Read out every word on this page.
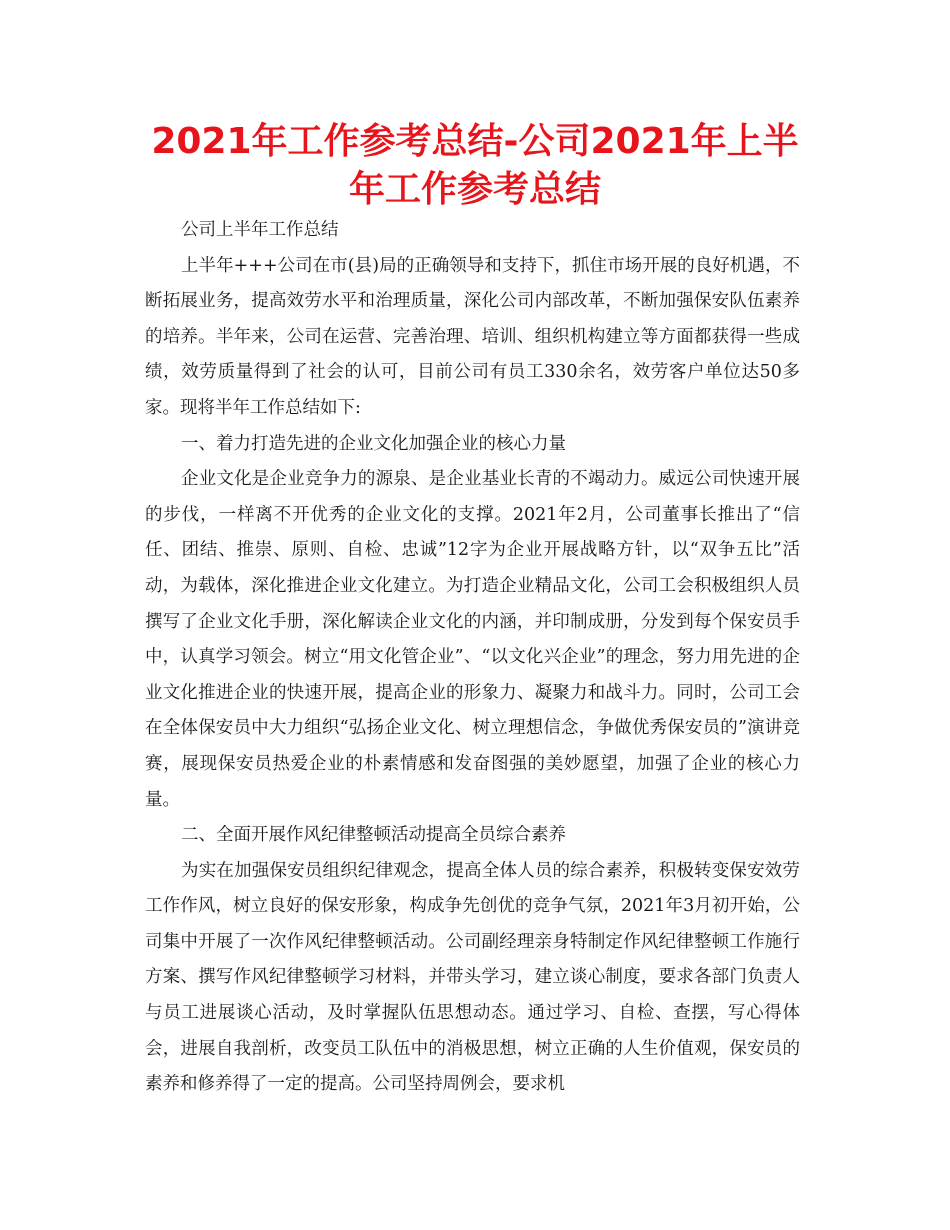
2021年工作参考总结-公司2021年上半年工作参考总结

公司上半年工作总结

上半年+++公司在市(县)局的正确领导和支持下，抓住市场开展的良好机遇，不断拓展业务，提高效劳水平和治理质量，深化公司内部改革，不断加强保安队伍素养的培养。半年来，公司在运营、完善治理、培训、组织机构建立等方面都获得一些成绩，效劳质量得到了社会的认可，目前公司有员工330余名，效劳客户单位达50多家。现将半年工作总结如下:

一、着力打造先进的企业文化加强企业的核心力量

企业文化是企业竞争力的源泉、是企业基业长青的不竭动力。威远公司快速开展的步伐，一样离不开优秀的企业文化的支撑。2021年2月，公司董事长推出了“信任、团结、推崇、原则、自检、忠诚”12字为企业开展战略方针，以“双争五比”活动，为载体，深化推进企业文化建立。为打造企业精品文化，公司工会积极组织人员撰写了企业文化手册，深化解读企业文化的内涵，并印制成册，分发到每个保安员手中，认真学习领会。树立“用文化管企业”、“以文化兴企业”的理念，努力用先进的企业文化推进企业的快速开展，提高企业的形象力、凝聚力和战斗力。同时，公司工会在全体保安员中大力组织“弘扬企业文化、树立理想信念，争做优秀保安员的”演讲竞赛，展现保安员热爱企业的朴素情感和发奋图强的美妙愿望，加强了企业的核心力量。

二、全面开展作风纪律整顿活动提高全员综合素养

为实在加强保安员组织纪律观念，提高全体人员的综合素养，积极转变保安效劳工作作风，树立良好的保安形象，构成争先创优的竞争气氛，2021年3月初开始，公司集中开展了一次作风纪律整顿活动。公司副经理亲身特制定作风纪律整顿工作施行方案、撰写作风纪律整顿学习材料，并带头学习，建立谈心制度，要求各部门负责人与员工进展谈心活动，及时掌握队伍思想动态。通过学习、自检、查摆，写心得体会，进展自我剖析，改变员工队伍中的消极思想，树立正确的人生价值观，保安员的素养和修养得了一定的提高。公司坚持周例会，要求机
